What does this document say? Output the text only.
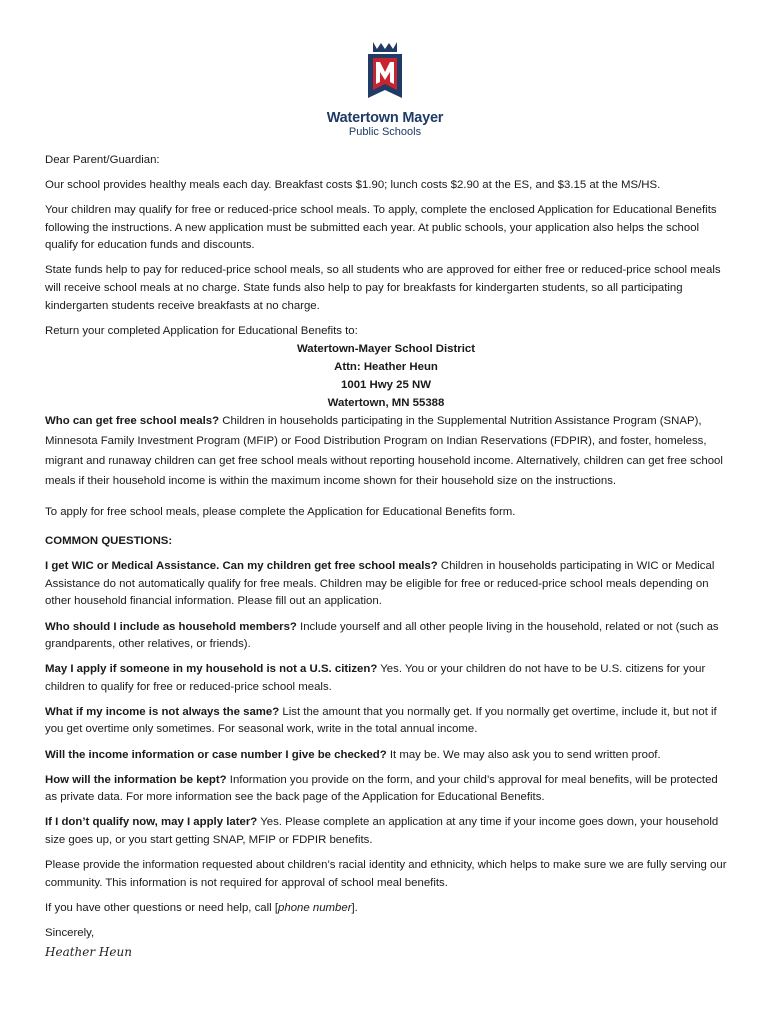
M
Watertown Mayer
Public Schools

Dear Parent/Guardian:

Our school provides healthy meals each day. Breakfast costs $1.90; lunch costs $2.90 at the ES, and $3.15 at the MS/HS.

Your children may qualify for free or reduced-price school meals. To apply, complete the enclosed Application for Educational Benefits following the instructions. A new application must be submitted each year. At public schools, your application also helps the school qualify for education funds and discounts.

State funds help to pay for reduced-price school meals, so all students who are approved for either free or reduced-price school meals will receive school meals at no charge. State funds also help to pay for breakfasts for kindergarten students, so all participating kindergarten students receive breakfasts at no charge.

Return your completed Application for Educational Benefits to:

Watertown-Mayer School District
Attn: Heather Heun
1001 Hwy 25 NW
Watertown, MN 55388

Who can get free school meals? Children in households participating in the Supplemental Nutrition Assistance Program (SNAP), Minnesota Family Investment Program (MFIP) or Food Distribution Program on Indian Reservations (FDPIR), and foster, homeless, migrant and runaway children can get free school meals without reporting household income. Alternatively, children can get free school meals if their household income is within the maximum income shown for their household size on the instructions.

To apply for free school meals, please complete the Application for Educational Benefits form.

COMMON QUESTIONS:

I get WIC or Medical Assistance. Can my children get free school meals? Children in households participating in WIC or Medical Assistance do not automatically qualify for free meals. Children may be eligible for free or reduced-price school meals depending on other household financial information. Please fill out an application.

Who should I include as household members? Include yourself and all other people living in the household, related or not (such as grandparents, other relatives, or friends).

May I apply if someone in my household is not a U.S. citizen? Yes. You or your children do not have to be U.S. citizens for your children to qualify for free or reduced-price school meals.

What if my income is not always the same? List the amount that you normally get. If you normally get overtime, include it, but not if you get overtime only sometimes. For seasonal work, write in the total annual income.

Will the income information or case number I give be checked? It may be. We may also ask you to send written proof.

How will the information be kept? Information you provide on the form, and your child’s approval for meal benefits, will be protected as private data. For more information see the back page of the Application for Educational Benefits.

If I don’t qualify now, may I apply later? Yes. Please complete an application at any time if your income goes down, your household size goes up, or you start getting SNAP, MFIP or FDPIR benefits.

Please provide the information requested about children’s racial identity and ethnicity, which helps to make sure we are fully serving our community. This information is not required for approval of school meal benefits.

If you have other questions or need help, call [phone number].

Sincerely,

Heather Heun
